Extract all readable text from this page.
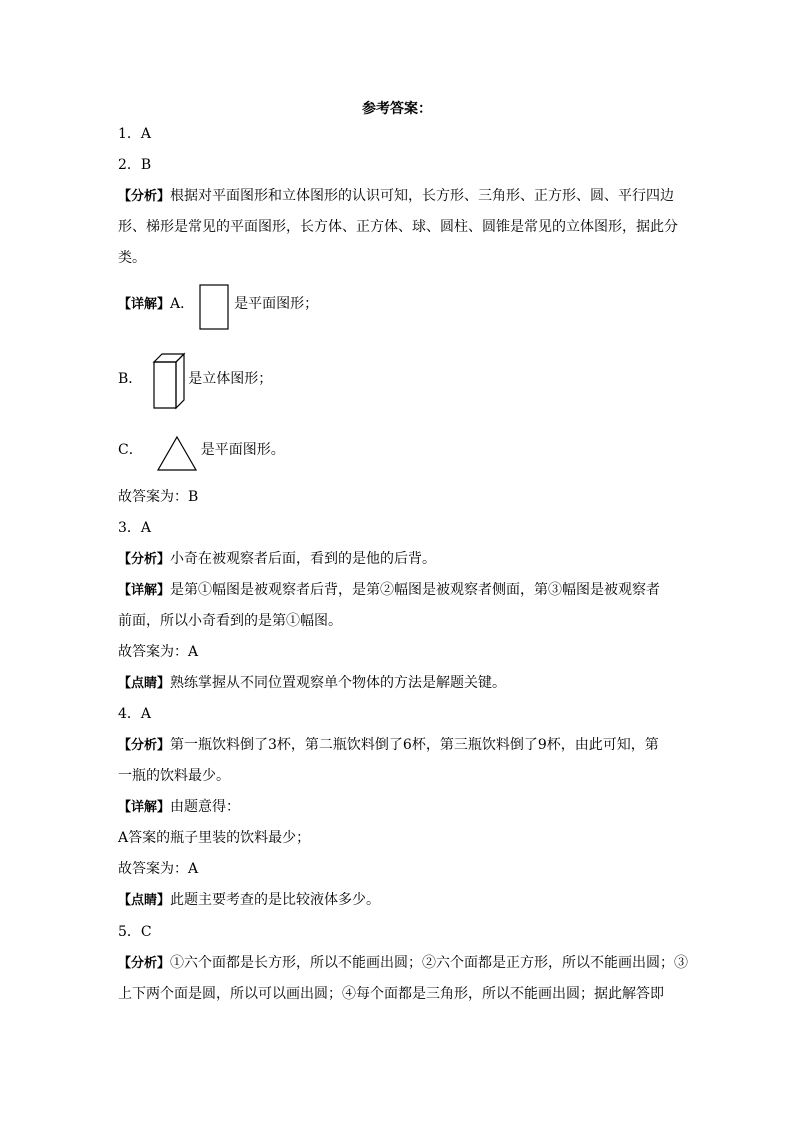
参考答案：
1．A
2．B
【分析】根据对平面图形和立体图形的认识可知，长方形、三角形、正方形、圆、平行四边
形、梯形是常见的平面图形，长方体、正方体、球、圆柱、圆锥是常见的立体图形，据此分
类。
【详解】A．	是平面图形；
B．	是立体图形；
C．	是平面图形。
故答案为：B
3．A
【分析】小奇在被观察者后面，看到的是他的后背。
【详解】是第①幅图是被观察者后背，是第②幅图是被观察者侧面，第③幅图是被观察者
前面，所以小奇看到的是第①幅图。
故答案为：A
【点睛】熟练掌握从不同位置观察单个物体的方法是解题关键。
4．A
【分析】第一瓶饮料倒了3杯，第二瓶饮料倒了6杯，第三瓶饮料倒了9杯，由此可知，第
一瓶的饮料最少。
【详解】由题意得：
A答案的瓶子里装的饮料最少；
故答案为：A
【点睛】此题主要考查的是比较液体多少。
5．C
【分析】①六个面都是长方形，所以不能画出圆；②六个面都是正方形，所以不能画出圆；③
上下两个面是圆，所以可以画出圆；④每个面都是三角形，所以不能画出圆；据此解答即
